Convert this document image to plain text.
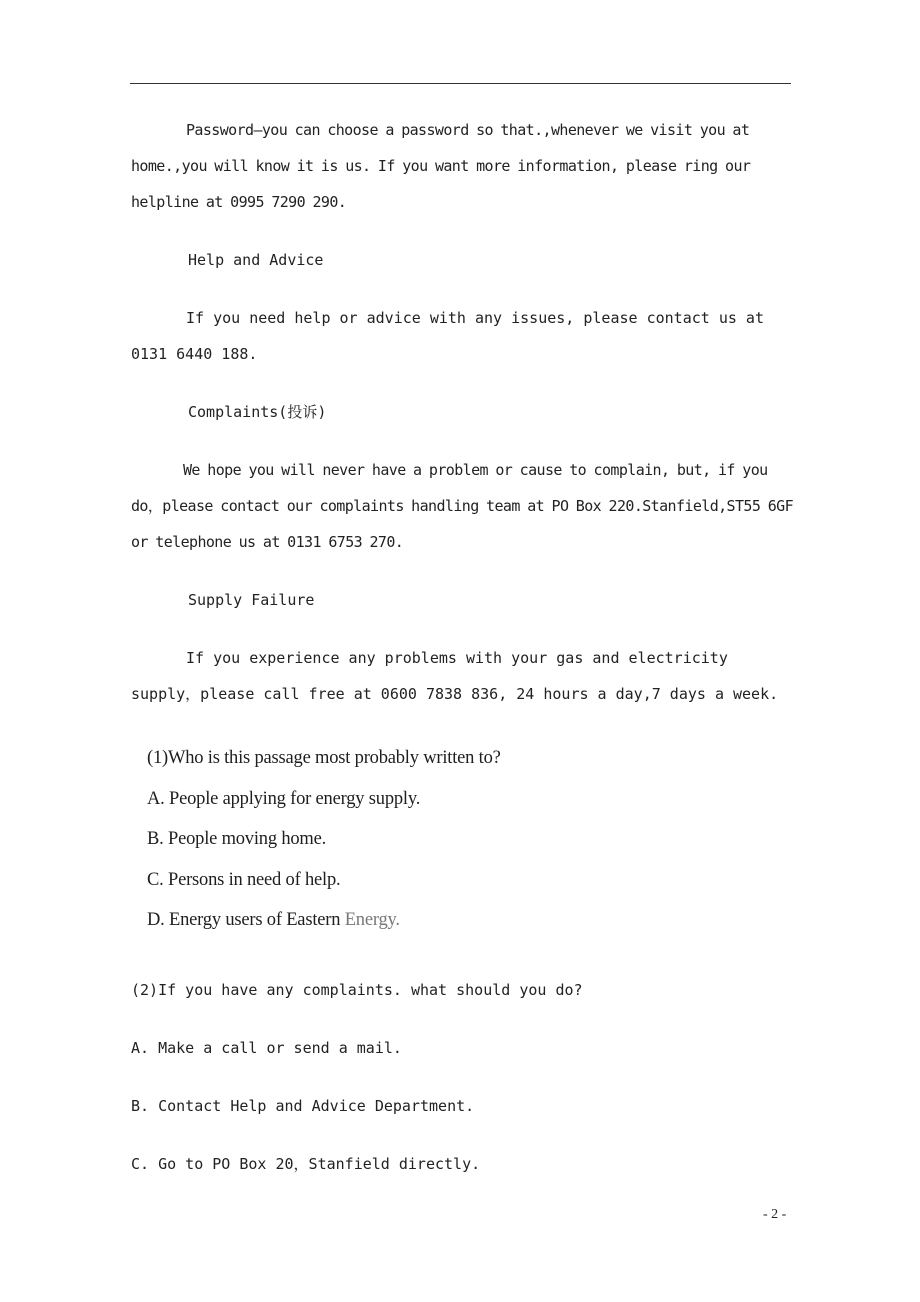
Password—you can choose a password so that.,whenever we visit you at home.,you will know it is us. If you want more information, please ring our helpline at 0995 7290 290.

Help and Advice

If you need help or advice with any issues, please contact us at 0131 6440 188.

Complaints(投诉)

We hope you will never have a problem or cause to complain, but, if you do，please contact our complaints handling team at PO Box 220.Stanfield,ST55 6GF or telephone us at 0131 6753 270.

Supply Failure

If you experience any problems with your gas and electricity supply，please call free at 0600 7838 836, 24 hours a day,7 days a week.

(1)Who is this passage most probably written to?
A. People applying for energy supply.
B. People moving home.
C. Persons in need of help.
D. Energy users of Eastern Energy.
(2)If you have any complaints. what should you do?
A. Make a call or send a mail.
B. Contact Help and Advice Department.
C. Go to PO Box 20，Stanfield directly.
- 2 -
